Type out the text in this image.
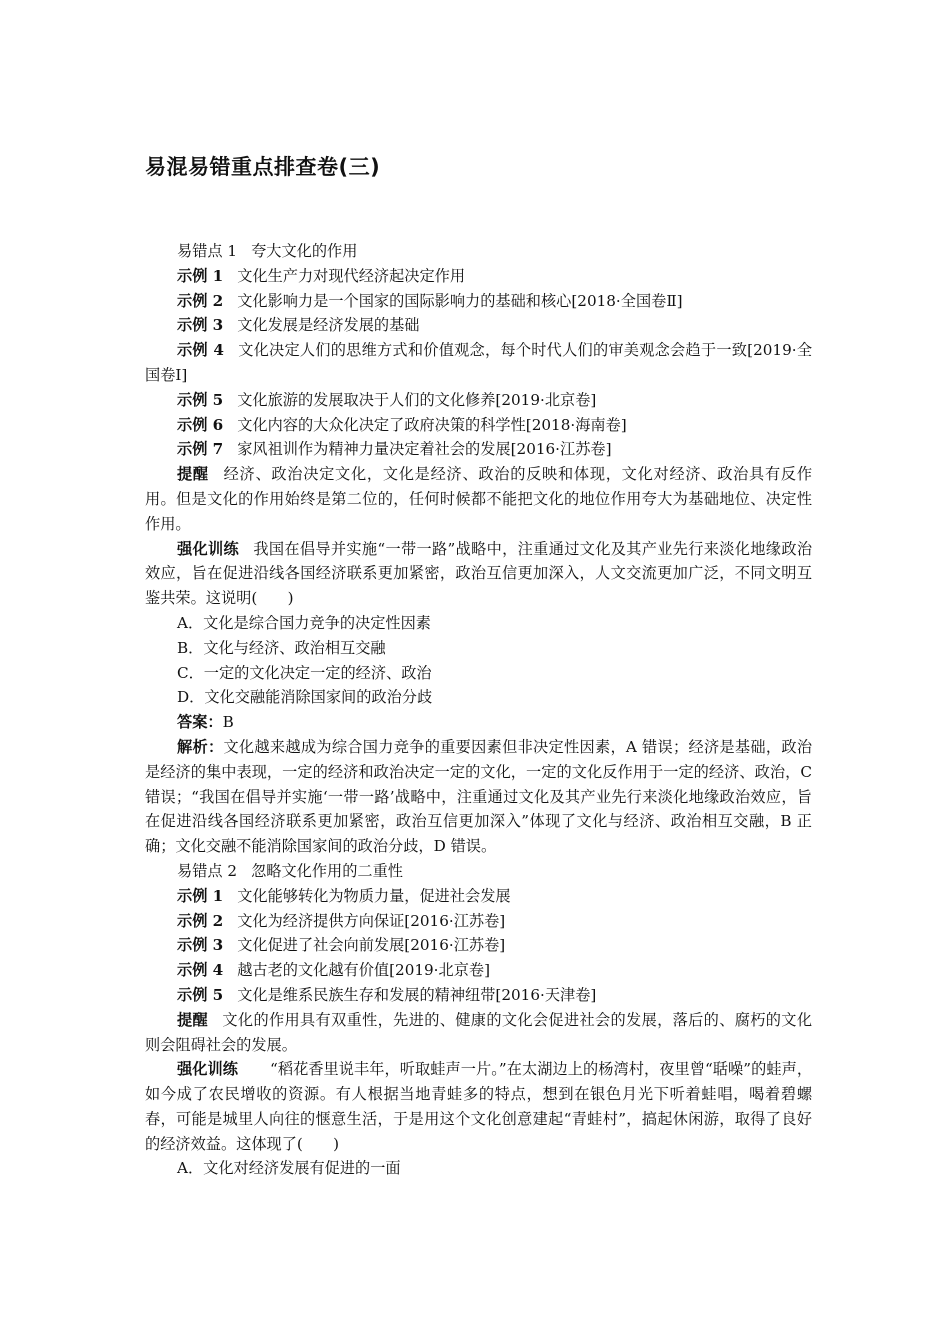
易混易错重点排查卷(三)

易错点 1 夸大文化的作用

示例 1 文化生产力对现代经济起决定作用

示例 2 文化影响力是一个国家的国际影响力的基础和核心[2018·全国卷Ⅱ]

示例 3 文化发展是经济发展的基础

示例 4 文化决定人们的思维方式和价值观念，每个时代人们的审美观念会趋于一致[2019·全国卷Ⅰ]

示例 5 文化旅游的发展取决于人们的文化修养[2019·北京卷]

示例 6 文化内容的大众化决定了政府决策的科学性[2018·海南卷]

示例 7 家风祖训作为精神力量决定着社会的发展[2016·江苏卷]

提醒 经济、政治决定文化，文化是经济、政治的反映和体现，文化对经济、政治具有反作用。但是文化的作用始终是第二位的，任何时候都不能把文化的地位作用夸大为基础地位、决定性作用。

强化训练 我国在倡导并实施“一带一路”战略中，注重通过文化及其产业先行来淡化地缘政治效应，旨在促进沿线各国经济联系更加紧密，政治互信更加深入，人文交流更加广泛，不同文明互鉴共荣。这说明(　　)

A．文化是综合国力竞争的决定性因素

B．文化与经济、政治相互交融

C．一定的文化决定一定的经济、政治

D．文化交融能消除国家间的政治分歧

答案：B

解析：文化越来越成为综合国力竞争的重要因素但非决定性因素，A 错误；经济是基础，政治是经济的集中表现，一定的经济和政治决定一定的文化，一定的文化反作用于一定的经济、政治，C 错误；“我国在倡导并实施‘一带一路’战略中，注重通过文化及其产业先行来淡化地缘政治效应，旨在促进沿线各国经济联系更加紧密，政治互信更加深入”体现了文化与经济、政治相互交融，B 正确；文化交融不能消除国家间的政治分歧，D 错误。

易错点 2 忽略文化作用的二重性

示例 1 文化能够转化为物质力量，促进社会发展

示例 2 文化为经济提供方向保证[2016·江苏卷]

示例 3 文化促进了社会向前发展[2016·江苏卷]

示例 4 越古老的文化越有价值[2019·北京卷]

示例 5 文化是维系民族生存和发展的精神纽带[2016·天津卷]

提醒 文化的作用具有双重性，先进的、健康的文化会促进社会的发展，落后的、腐朽的文化则会阻碍社会的发展。

强化训练 “稻花香里说丰年，听取蛙声一片。”在太湖边上的杨湾村，夜里曾“聒噪”的蛙声，如今成了农民增收的资源。有人根据当地青蛙多的特点，想到在银色月光下听着蛙唱，喝着碧螺春，可能是城里人向往的惬意生活，于是用这个文化创意建起“青蛙村”，搞起休闲游，取得了良好的经济效益。这体现了(　　)

A．文化对经济发展有促进的一面
